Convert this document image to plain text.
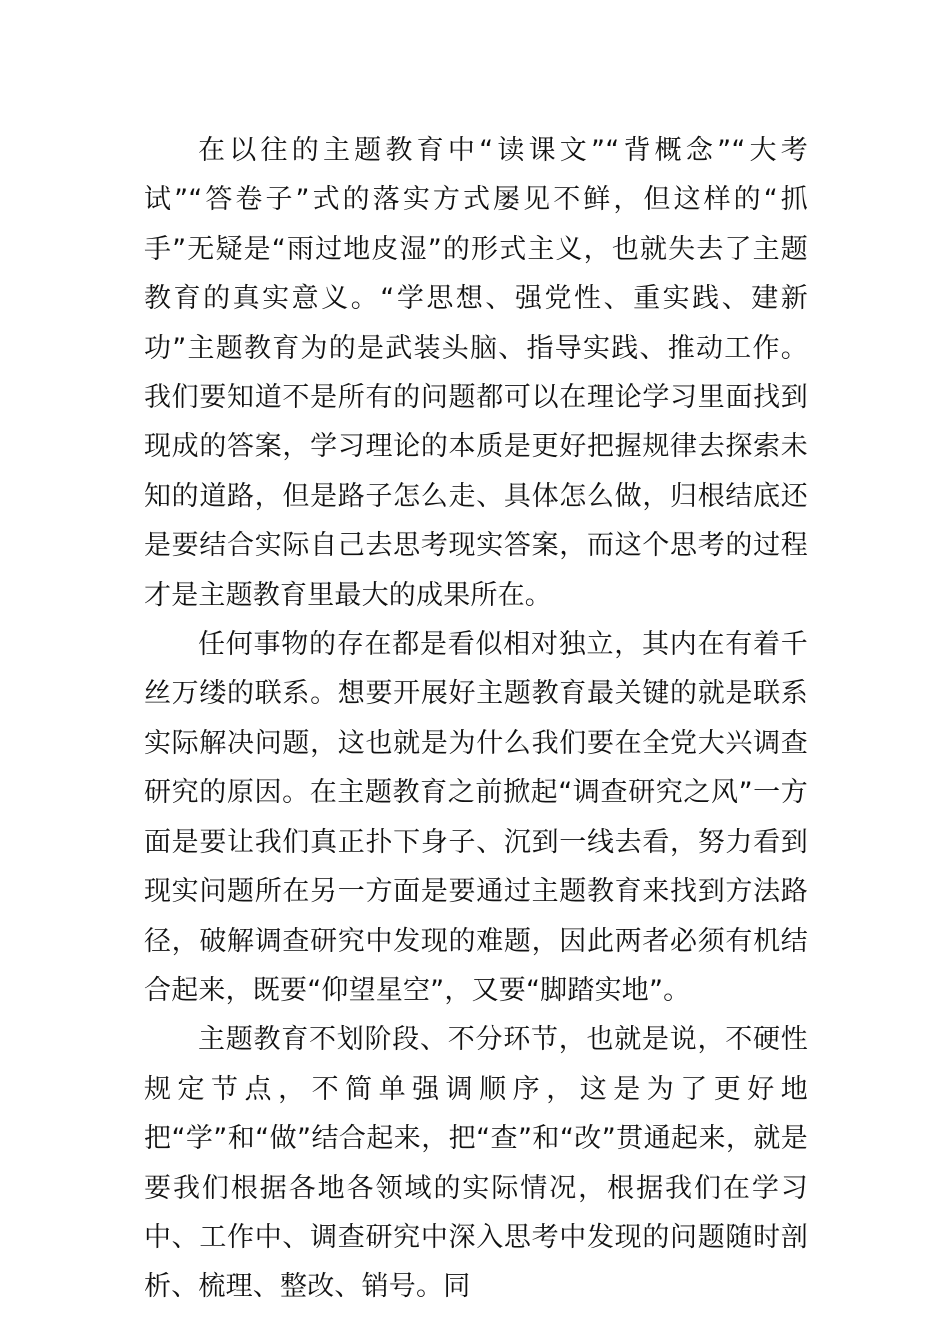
在以往的主题教育中“读课文”“背概念”“大考试”“答卷子”式的落实方式屡见不鲜，但这样的“抓手”无疑是“雨过地皮湿”的形式主义，也就失去了主题教育的真实意义。“学思想、强党性、重实践、建新功”主题教育为的是武装头脑、指导实践、推动工作。我们要知道不是所有的问题都可以在理论学习里面找到现成的答案，学习理论的本质是更好把握规律去探索未知的道路，但是路子怎么走、具体怎么做，归根结底还是要结合实际自己去思考现实答案，而这个思考的过程才是主题教育里最大的成果所在。

任何事物的存在都是看似相对独立，其内在有着千丝万缕的联系。想要开展好主题教育最关键的就是联系实际解决问题，这也就是为什么我们要在全党大兴调查研究的原因。在主题教育之前掀起“调查研究之风”一方面是要让我们真正扑下身子、沉到一线去看，努力看到现实问题所在另一方面是要通过主题教育来找到方法路径，破解调查研究中发现的难题，因此两者必须有机结合起来，既要“仰望星空”，又要“脚踏实地”。

主题教育不划阶段、不分环节，也就是说，不硬性规定节点，不简单强调顺序，这是为了更好地把“学”和“做”结合起来，把“查”和“改”贯通起来，就是要我们根据各地各领域的实际情况，根据我们在学习中、工作中、调查研究中深入思考中发现的问题随时剖析、梳理、整改、销号。同
